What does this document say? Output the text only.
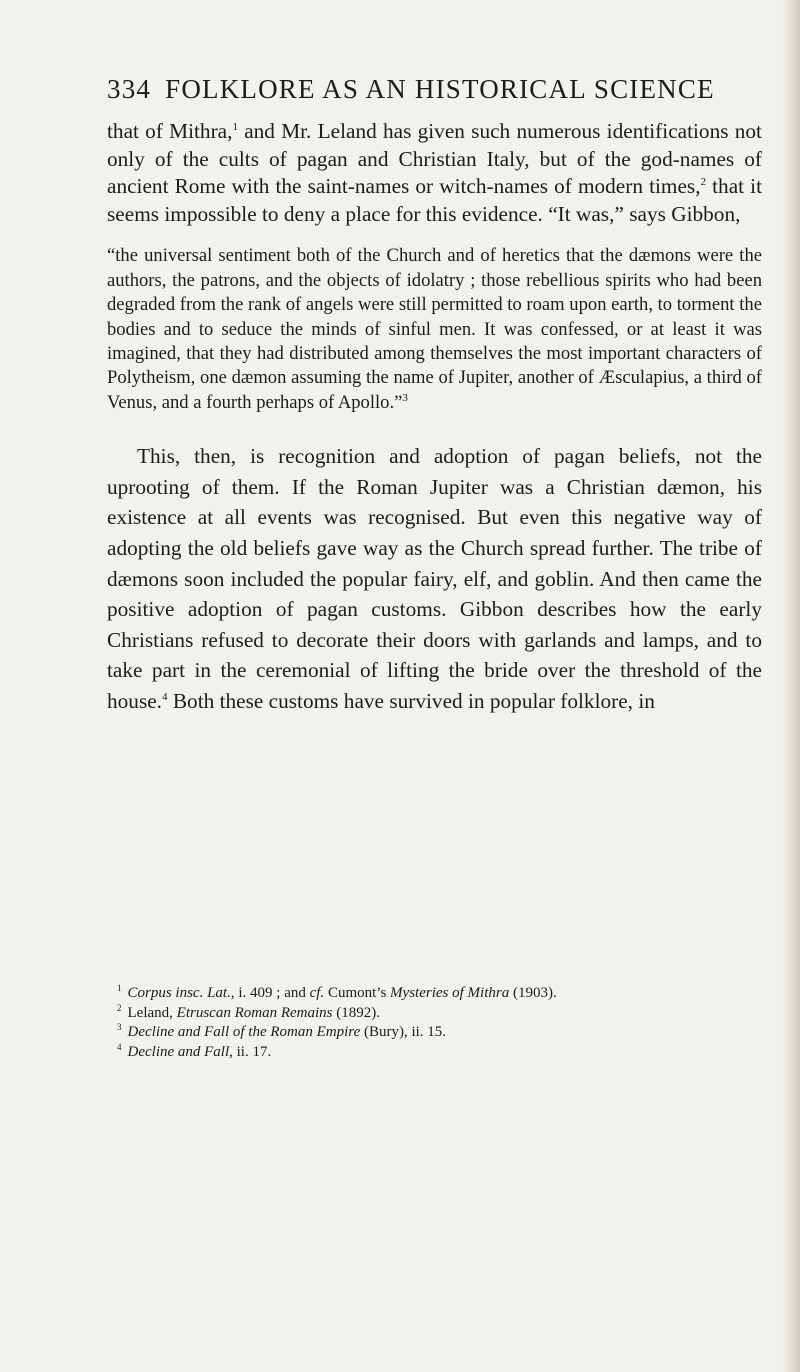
334 FOLKLORE AS AN HISTORICAL SCIENCE

that of Mithra,$^1$ and Mr. Leland has given such numerous identifications not only of the cults of pagan and Christian Italy, but of the god-names of ancient Rome with the saint-names or witch-names of modern times,$^2$ that it seems impossible to deny a place for this evidence. “It was,” says Gibbon,

“the universal sentiment both of the Church and of heretics that the dæmons were the authors, the patrons, and the objects of idolatry ; those rebellious spirits who had been degraded from the rank of angels were still permitted to roam upon earth, to torment the bodies and to seduce the minds of sinful men. It was confessed, or at least it was imagined, that they had distributed among themselves the most important characters of Polytheism, one dæmon assuming the name of Jupiter, another of Æsculapius, a third of Venus, and a fourth perhaps of Apollo.”$^3$

This, then, is recognition and adoption of pagan beliefs, not the uprooting of them. If the Roman Jupiter was a Christian dæmon, his existence at all events was recognised. But even this negative way of adopting the old beliefs gave way as the Church spread further. The tribe of dæmons soon included the popular fairy, elf, and goblin. And then came the positive adoption of pagan customs. Gibbon describes how the early Christians refused to decorate their doors with garlands and lamps, and to take part in the ceremonial of lifting the bride over the threshold of the house.$^4$ Both these customs have survived in popular folklore, in

$^1$ Corpus insc. Lat., i. 409 ; and cf. Cumont’s Mysteries of Mithra (1903).

$^2$ Leland, Etruscan Roman Remains (1892).

$^3$ Decline and Fall of the Roman Empire (Bury), ii. 15.

$^4$ Decline and Fall, ii. 17.
